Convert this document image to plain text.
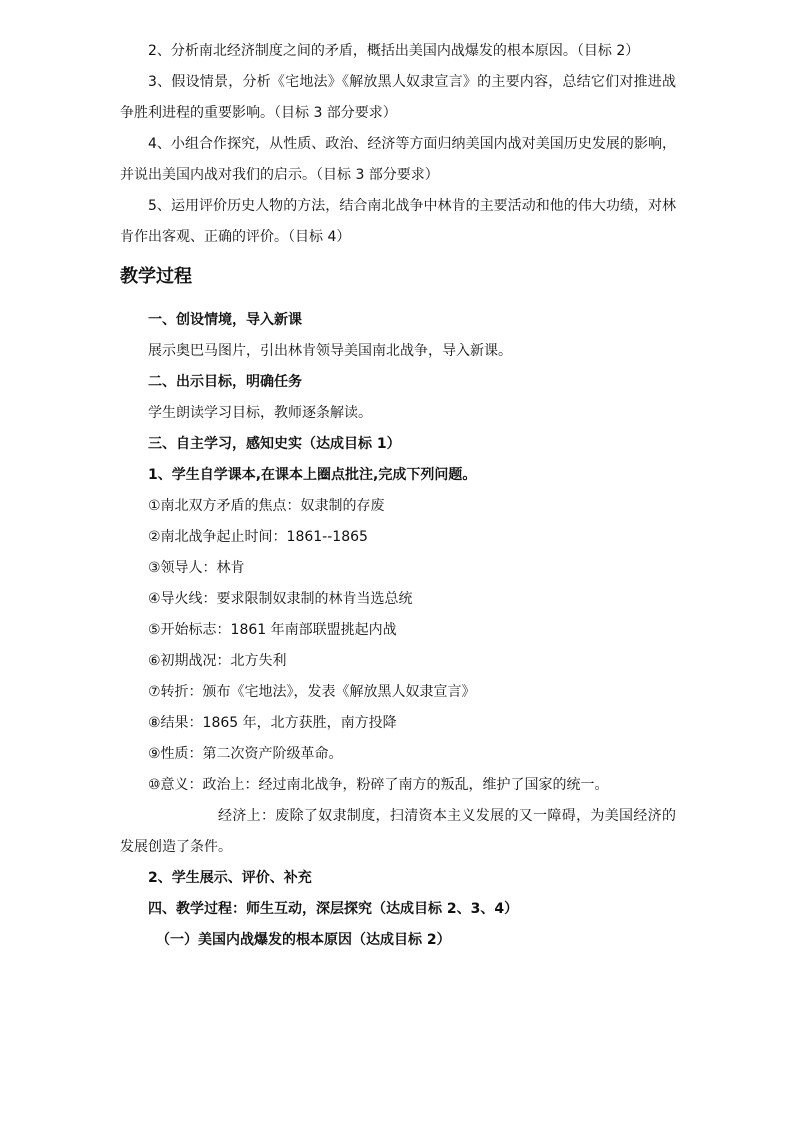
2、分析南北经济制度之间的矛盾，概括出美国内战爆发的根本原因。（目标 2）

3、假设情景，分析《宅地法》《解放黑人奴隶宣言》的主要内容，总结它们对推进战争胜利进程的重要影响。（目标 3 部分要求）

4、小组合作探究，从性质、政治、经济等方面归纳美国内战对美国历史发展的影响，并说出美国内战对我们的启示。（目标 3 部分要求）

5、运用评价历史人物的方法，结合南北战争中林肯的主要活动和他的伟大功绩，对林肯作出客观、正确的评价。（目标 4）

教学过程

一、创设情境，导入新课

展示奥巴马图片，引出林肯领导美国南北战争，导入新课。

二、出示目标，明确任务

学生朗读学习目标，教师逐条解读。

三、自主学习，感知史实（达成目标 1）

1、学生自学课本,在课本上圈点批注,完成下列问题。

①南北双方矛盾的焦点：奴隶制的存废

②南北战争起止时间：1861--1865

③领导人：林肯

④导火线：要求限制奴隶制的林肯当选总统

⑤开始标志：1861 年南部联盟挑起内战

⑥初期战况：北方失利

⑦转折：颁布《宅地法》，发表《解放黑人奴隶宣言》

⑧结果：1865 年，北方获胜，南方投降

⑨性质：第二次资产阶级革命。

⑩意义：政治上：经过南北战争，粉碎了南方的叛乱，维护了国家的统一。

经济上：废除了奴隶制度，扫清资本主义发展的又一障碍，为美国经济的发展创造了条件。

2、学生展示、评价、补充

四、教学过程：师生互动，深层探究（达成目标 2、3、4）

（一）美国内战爆发的根本原因（达成目标 2）
